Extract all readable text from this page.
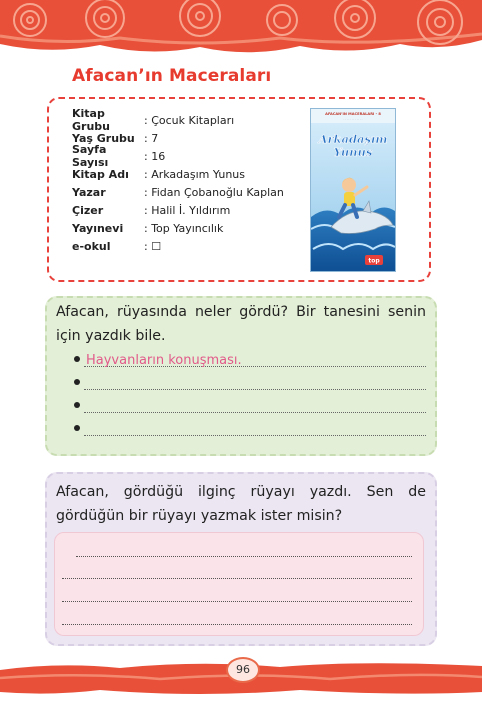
Afacan’ın Maceraları
Kitap Grubu	: Çocuk Kitapları
Yaş Grubu : 7
Sayfa Sayısı	: 16
Kitap Adı	: Arkadaşım Yunus
Yazar	: Fidan Çobanoğlu Kaplan
Çizer	: Halil İ. Yıldırım
Yayınevi	: Top Yayıncılık
e-okul	: ☐
AFACAN’IN MACERALARI - 8
· · · · · · · · · · · ·
Arkadaşım
Yunus
top
Afacan, rüyasında neler gördü? Bir tanesini senin için yazdık bile.
Hayvanların konuşması.
Afacan, gördüğü ilginç rüyayı yazdı. Sen de gördüğün bir rüyayı yazmak ister misin?
96
